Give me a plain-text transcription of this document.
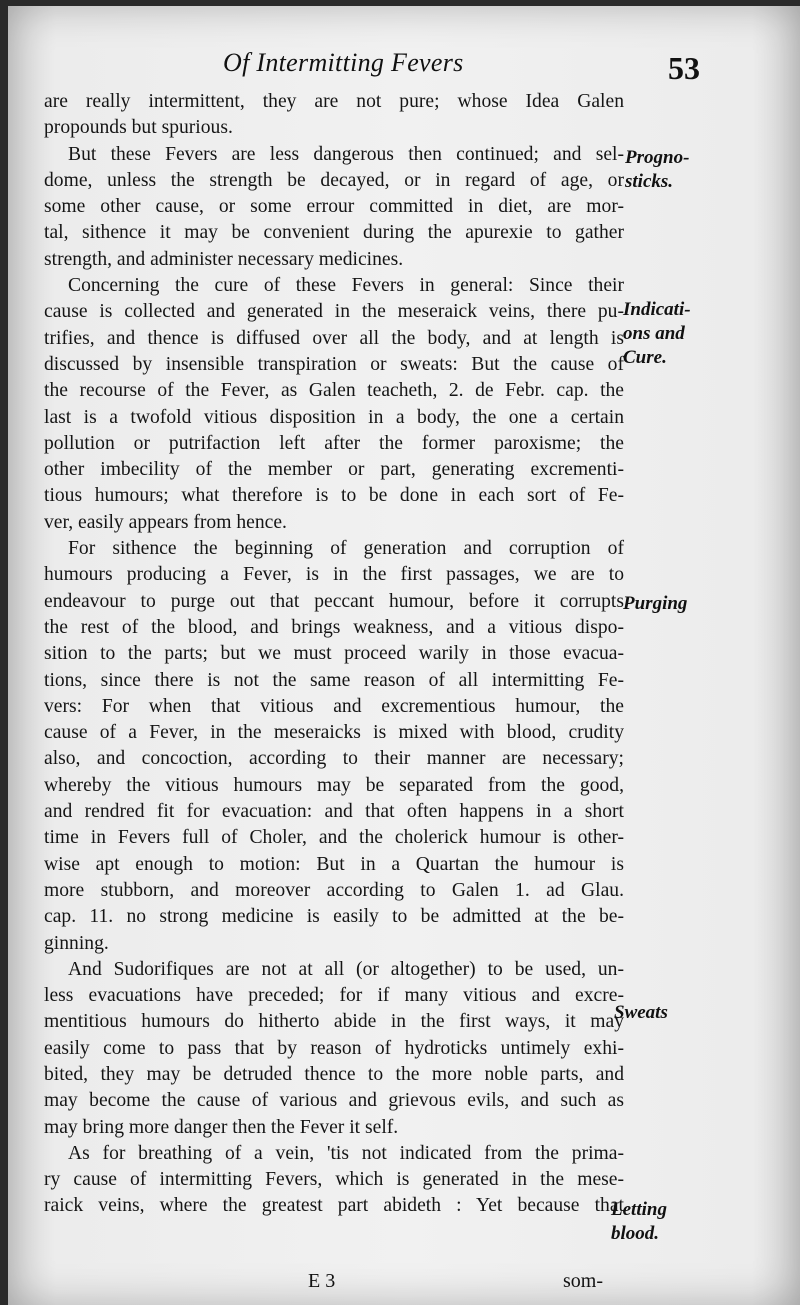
Of Intermitting Fevers	53
are really intermittent, they are not pure; whose Idea Galen
propounds but spurious.
But these Fevers are less dangerous then continued; and sel-
dome, unless the strength be decayed, or in regard of age, or
some other cause, or some errour committed in diet, are mor-
tal, sithence it may be convenient during the apurexie to gather
strength, and administer necessary medicines.
Concerning the cure of these Fevers in general: Since their
cause is collected and generated in the meseraick veins, there pu-
trifies, and thence is diffused over all the body, and at length is
discussed by insensible transpiration or sweats: But the cause of
the recourse of the Fever, as Galen teacheth, 2. de Febr. cap. the
last is a twofold vitious disposition in a body, the one a certain
pollution or putrifaction left after the former paroxisme; the
other imbecility of the member or part, generating excrementi-
tious humours; what therefore is to be done in each sort of Fe-
ver, easily appears from hence.
For sithence the beginning of generation and corruption of
humours producing a Fever, is in the first passages, we are to
endeavour to purge out that peccant humour, before it corrupts
the rest of the blood, and brings weakness, and a vitious dispo-
sition to the parts; but we must proceed warily in those evacua-
tions, since there is not the same reason of all intermitting Fe-
vers: For when that vitious and excrementious humour, the
cause of a Fever, in the meseraicks is mixed with blood, crudity
also, and concoction, according to their manner are necessary;
whereby the vitious humours may be separated from the good,
and rendred fit for evacuation: and that often happens in a short
time in Fevers full of Choler, and the cholerick humour is other-
wise apt enough to motion: But in a Quartan the humour is
more stubborn, and moreover according to Galen 1. ad Glau.
cap. 11. no strong medicine is easily to be admitted at the be-
ginning.
And Sudorifiques are not at all (or altogether) to be used, un-
less evacuations have preceded; for if many vitious and excre-
mentitious humours do hitherto abide in the first ways, it may
easily come to pass that by reason of hydroticks untimely exhi-
bited, they may be detruded thence to the more noble parts, and
may become the cause of various and grievous evils, and such as
may bring more danger then the Fever it self.
As for breathing of a vein, 'tis not indicated from the prima-
ry cause of intermitting Fevers, which is generated in the mese-
raick veins, where the greatest part abideth : Yet because that
Progno-
sticks.
Indicati-
ons and
Cure.
Purging
Sweats
Letting
blood.
E 3	som-
